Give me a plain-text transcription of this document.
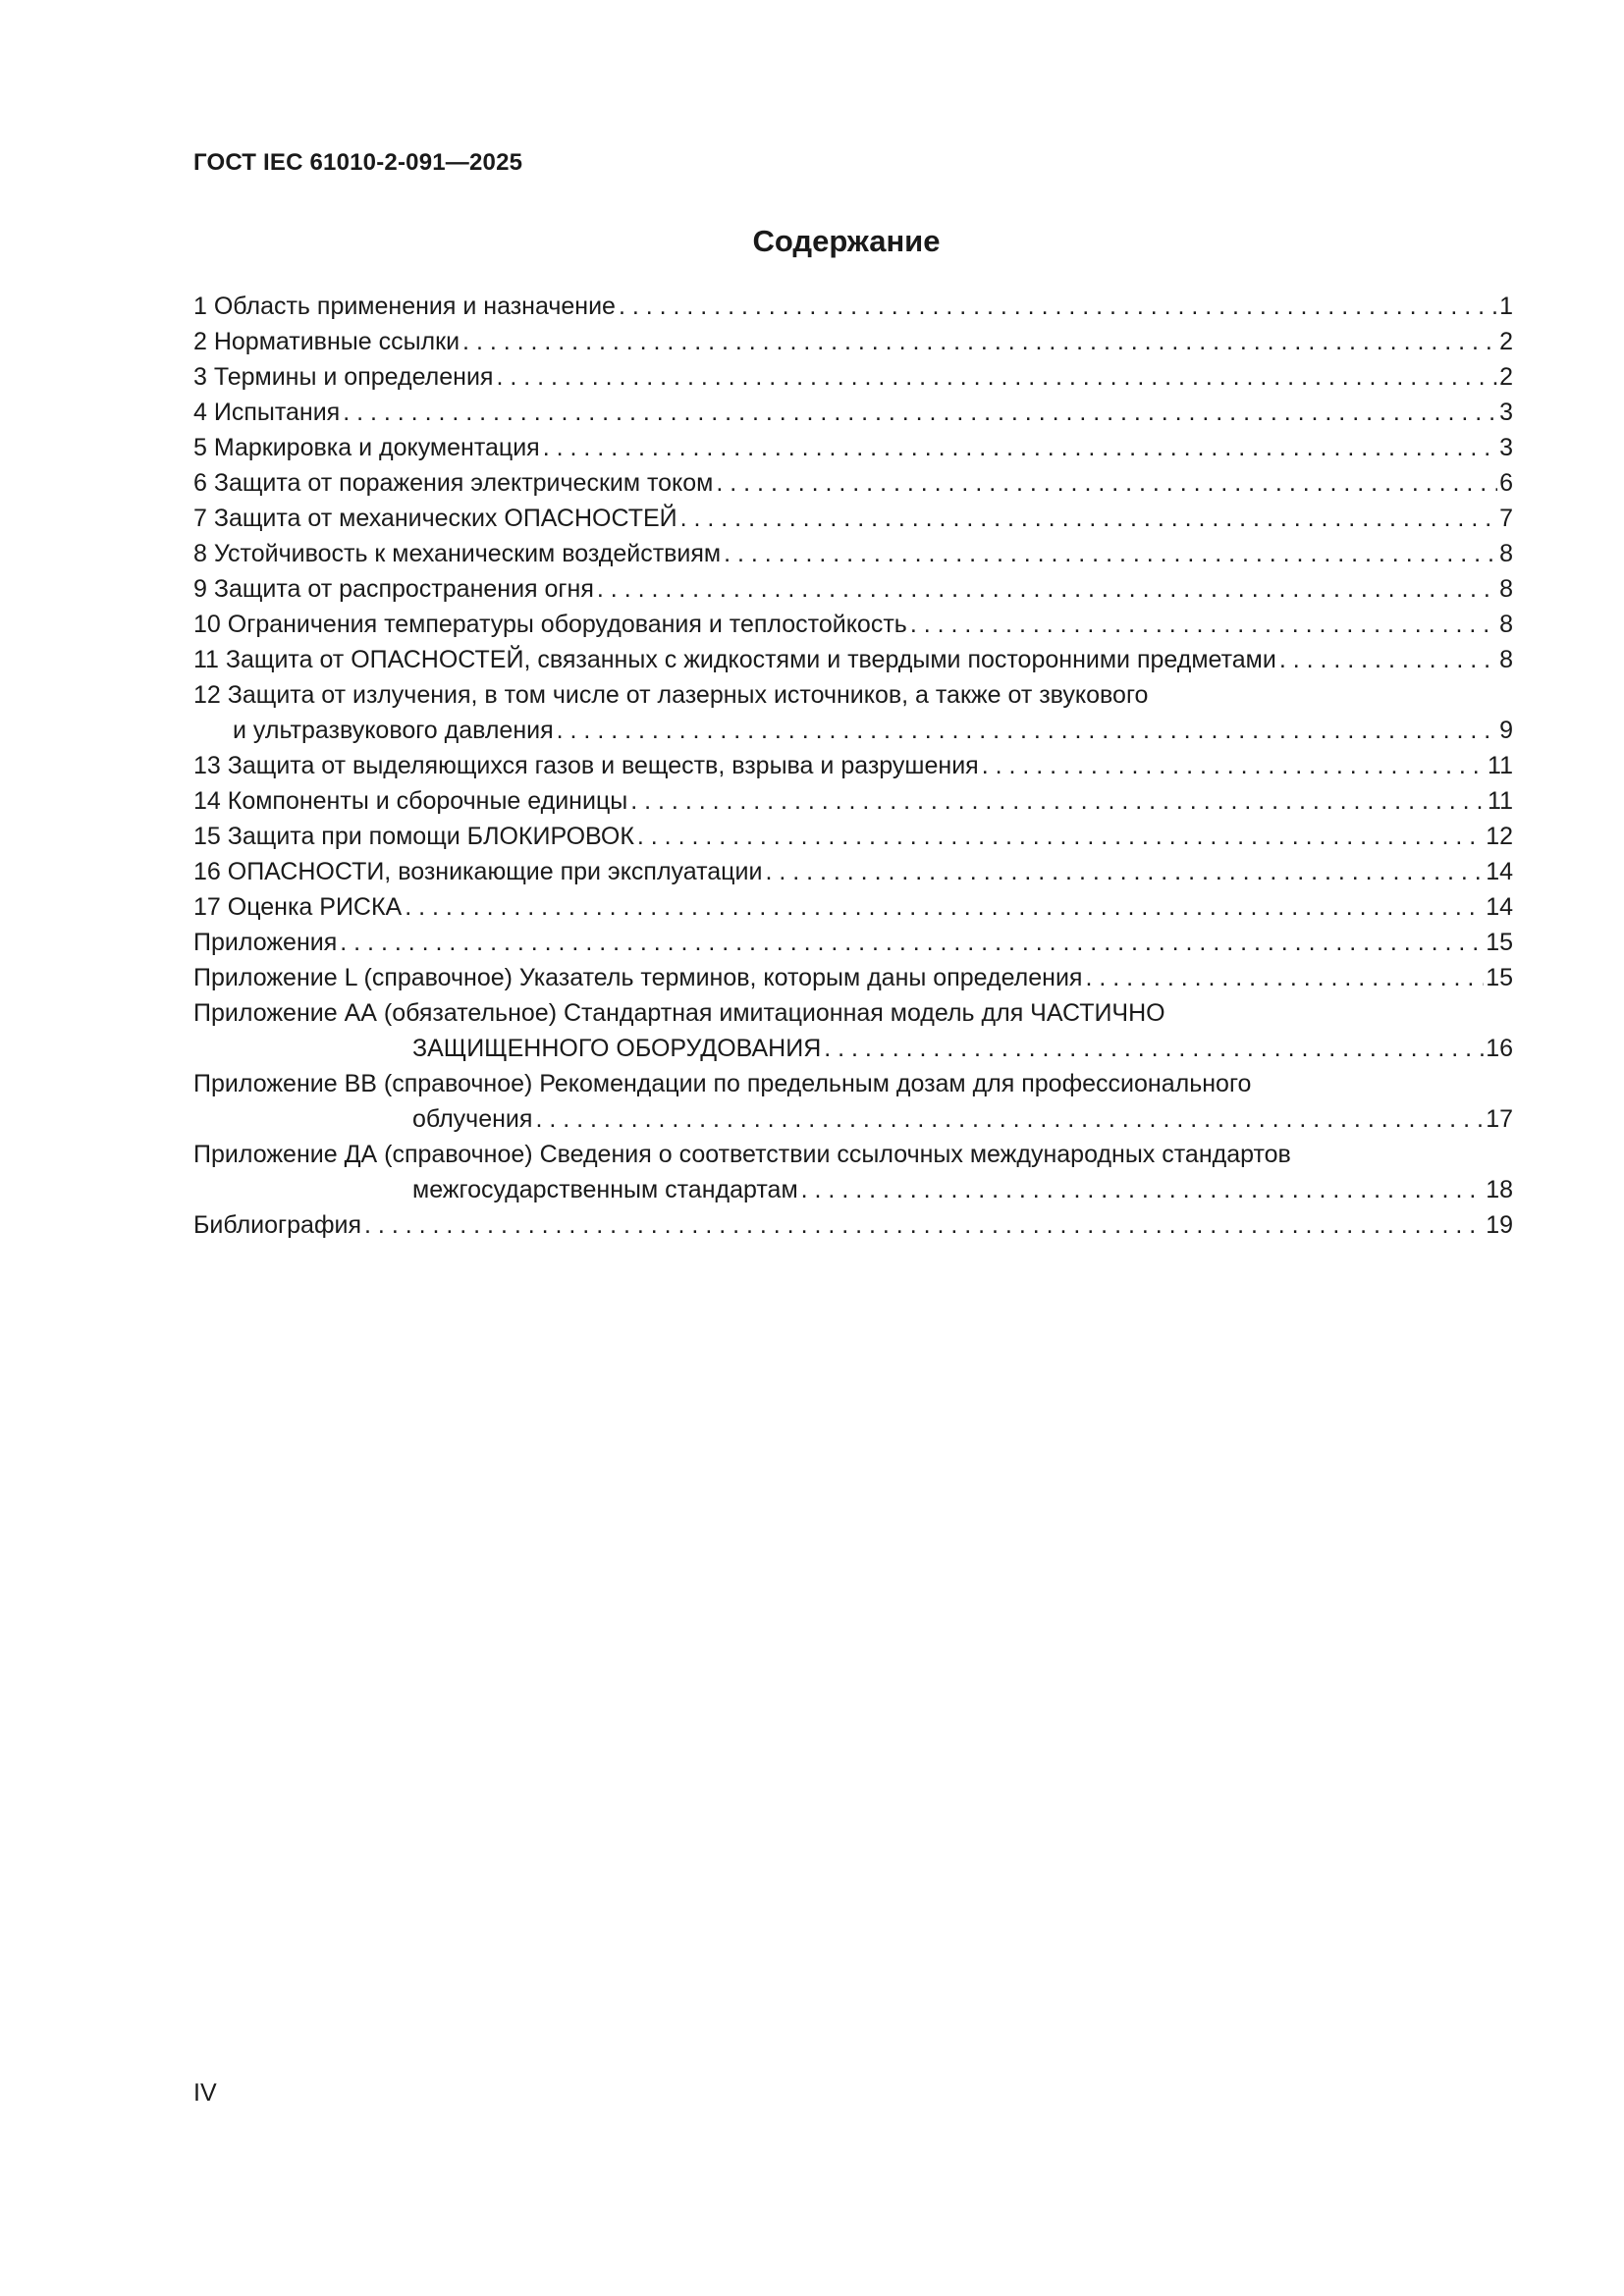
ГОСТ IEC 61010-2-091—2025
Содержание
1 Область применения и назначение . . .	1
2 Нормативные ссылки . . .	2
3 Термины и определения . . .	2
4 Испытания . . .	3
5 Маркировка и документация . . .	3
6 Защита от поражения электрическим током . . .	6
7 Защита от механических ОПАСНОСТЕЙ . . .	7
8 Устойчивость к механическим воздействиям . . .	8
9 Защита от распространения огня . . .	8
10 Ограничения температуры оборудования и теплостойкость . . .	8
11 Защита от ОПАСНОСТЕЙ, связанных с жидкостями и твердыми посторонними предметами . . .	8
12 Защита от излучения, в том числе от лазерных источников, а также от звукового
и ультразвукового давления . . .	9
13 Защита от выделяющихся газов и веществ, взрыва и разрушения . . .	11
14 Компоненты и сборочные единицы . . .	11
15 Защита при помощи БЛОКИРОВОК . . .	12
16 ОПАСНОСТИ, возникающие при эксплуатации . . .	14
17 Оценка РИСКА . . .	14
Приложения . . .	15
Приложение L (справочное) Указатель терминов, которым даны определения . . .	15
Приложение АА (обязательное) Стандартная имитационная модель для ЧАСТИЧНО
ЗАЩИЩЕННОГО ОБОРУДОВАНИЯ . . .	16
Приложение ВВ (справочное) Рекомендации по предельным дозам для профессионального
облучения . . .	17
Приложение ДА (справочное) Сведения о соответствии ссылочных международных стандартов
межгосударственным стандартам . . .	18
Библиография . . .	19
IV
